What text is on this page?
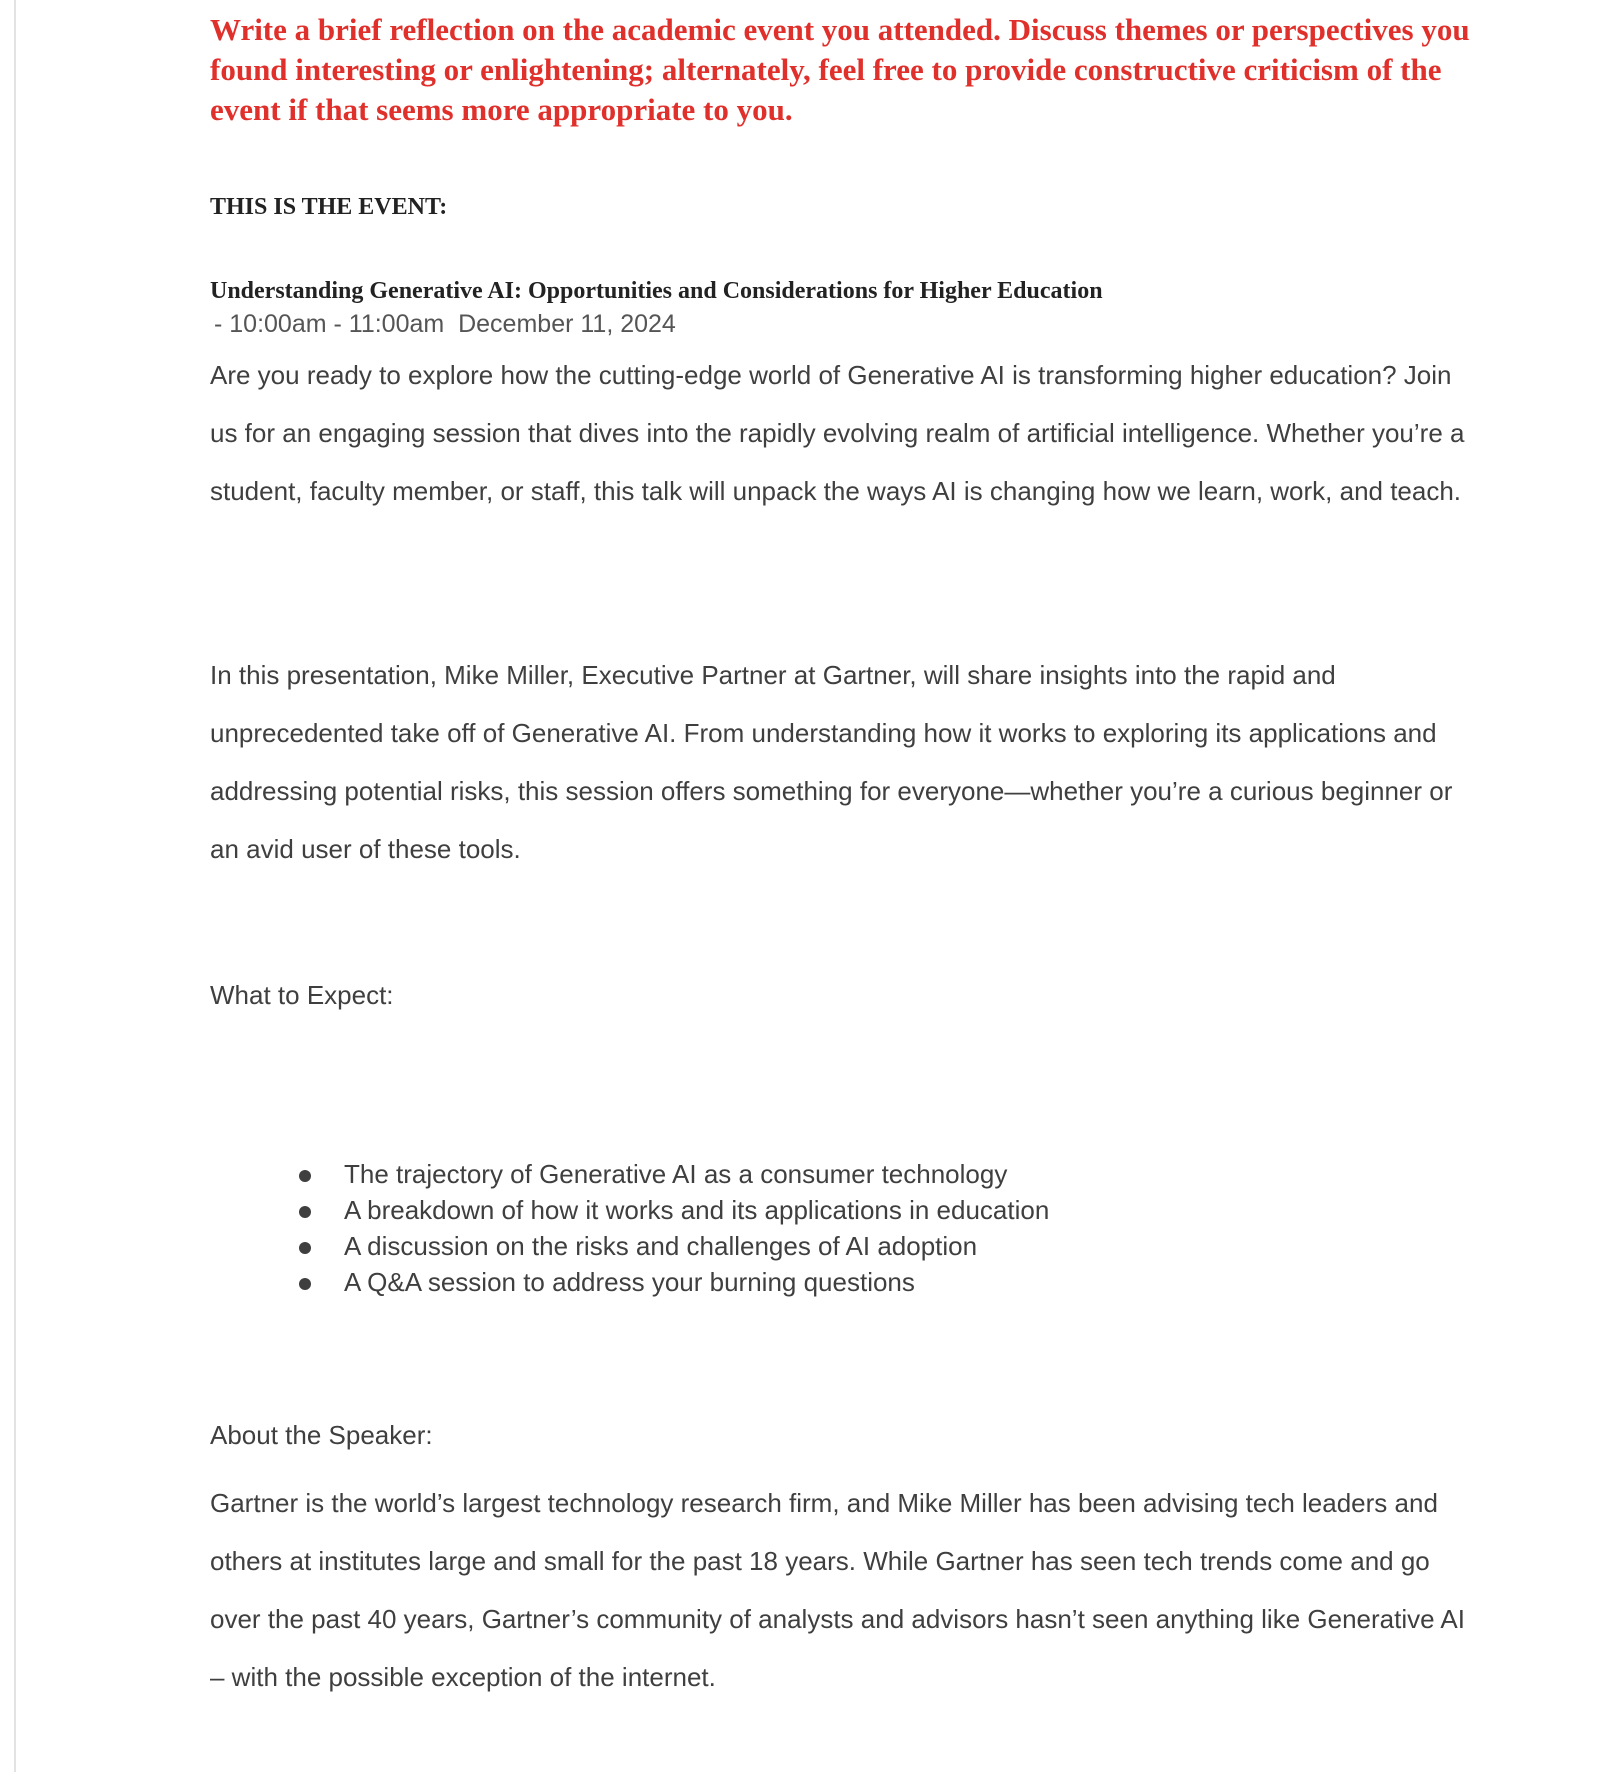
Write a brief reflection on the academic event you attended. Discuss themes or perspectives you found interesting or enlightening; alternately, feel free to provide constructive criticism of the event if that seems more appropriate to you.

THIS IS THE EVENT:

Understanding Generative AI: Opportunities and Considerations for Higher Education

- 10:00am - 11:00am  December 11, 2024

Are you ready to explore how the cutting-edge world of Generative AI is transforming higher education? Join us for an engaging session that dives into the rapidly evolving realm of artificial intelligence. Whether you’re a student, faculty member, or staff, this talk will unpack the ways AI is changing how we learn, work, and teach.

In this presentation, Mike Miller, Executive Partner at Gartner, will share insights into the rapid and unprecedented take off of Generative AI. From understanding how it works to exploring its applications and addressing potential risks, this session offers something for everyone—whether you’re a curious beginner or an avid user of these tools.

What to Expect:

The trajectory of Generative AI as a consumer technology
A breakdown of how it works and its applications in education
A discussion on the risks and challenges of AI adoption
A Q&A session to address your burning questions

About the Speaker:

Gartner is the world’s largest technology research firm, and Mike Miller has been advising tech leaders and others at institutes large and small for the past 18 years. While Gartner has seen tech trends come and go over the past 40 years, Gartner’s community of analysts and advisors hasn’t seen anything like Generative AI – with the possible exception of the internet.
